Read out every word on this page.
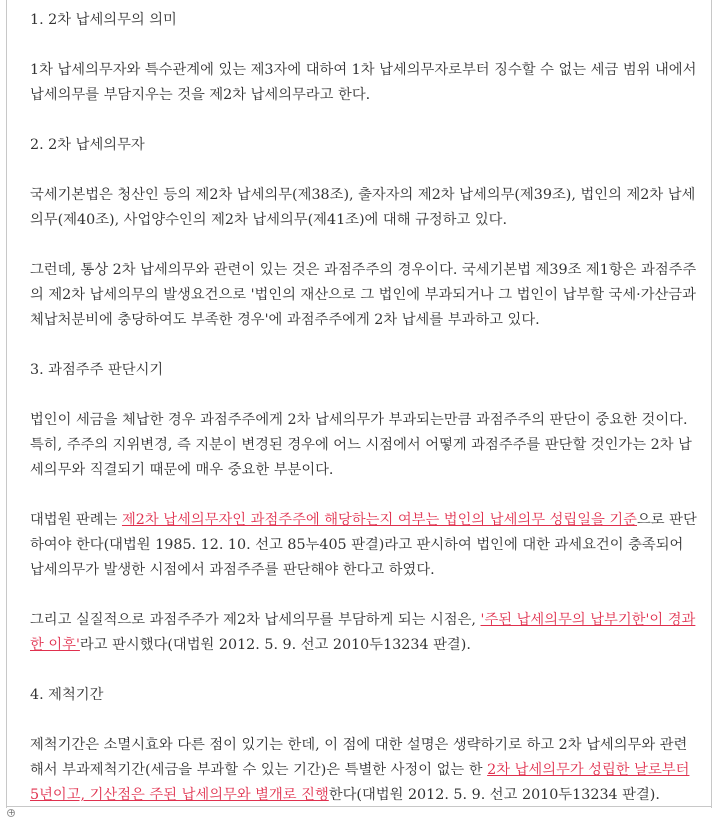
1. 2차 납세의무의 의미

1차 납세의무자와 특수관계에 있는 제3자에 대하여 1차 납세의무자로부터 징수할 수 없는 세금 범위 내에서 납세의무를 부담지우는 것을 제2차 납세의무라고 한다.

2. 2차 납세의무자

국세기본법은 청산인 등의 제2차 납세의무(제38조), 출자자의 제2차 납세의무(제39조), 법인의 제2차 납세의무(제40조), 사업양수인의 제2차 납세의무(제41조)에 대해 규정하고 있다.

그런데, 통상 2차 납세의무와 관련이 있는 것은 과점주주의 경우이다. 국세기본법 제39조 제1항은 과점주주의 제2차 납세의무의 발생요건으로 '법인의 재산으로 그 법인에 부과되거나 그 법인이 납부할 국세·가산금과 체납처분비에 충당하여도 부족한 경우'에 과점주주에게 2차 납세를 부과하고 있다.

3. 과점주주 판단시기

법인이 세금을 체납한 경우 과점주주에게 2차 납세의무가 부과되는만큼 과점주주의 판단이 중요한 것이다. 특히, 주주의 지위변경, 즉 지분이 변경된 경우에 어느 시점에서 어떻게 과점주주를 판단할 것인가는 2차 납세의무와 직결되기 때문에 매우 중요한 부분이다.

대법원 판례는 제2차 납세의무자인 과점주주에 해당하는지 여부는 법인의 납세의무 성립일을 기준으로 판단하여야 한다(대법원 1985. 12. 10. 선고 85누405 판결)라고 판시하여 법인에 대한 과세요건이 충족되어 납세의무가 발생한 시점에서 과점주주를 판단해야 한다고 하였다.

그리고 실질적으로 과점주주가 제2차 납세의무를 부담하게 되는 시점은, '주된 납세의무의 납부기한'이 경과한 이후'라고 판시했다(대법원 2012. 5. 9. 선고 2010두13234 판결).

4. 제척기간

제척기간은 소멸시효와 다른 점이 있기는 한데, 이 점에 대한 설명은 생략하기로 하고 2차 납세의무와 관련해서 부과제척기간(세금을 부과할 수 있는 기간)은 특별한 사정이 없는 한 2차 납세의무가 성립한 날로부터 5년이고, 기산점은 주된 납세의무와 별개로 진행한다(대법원 2012. 5. 9. 선고 2010두13234 판결).

+
